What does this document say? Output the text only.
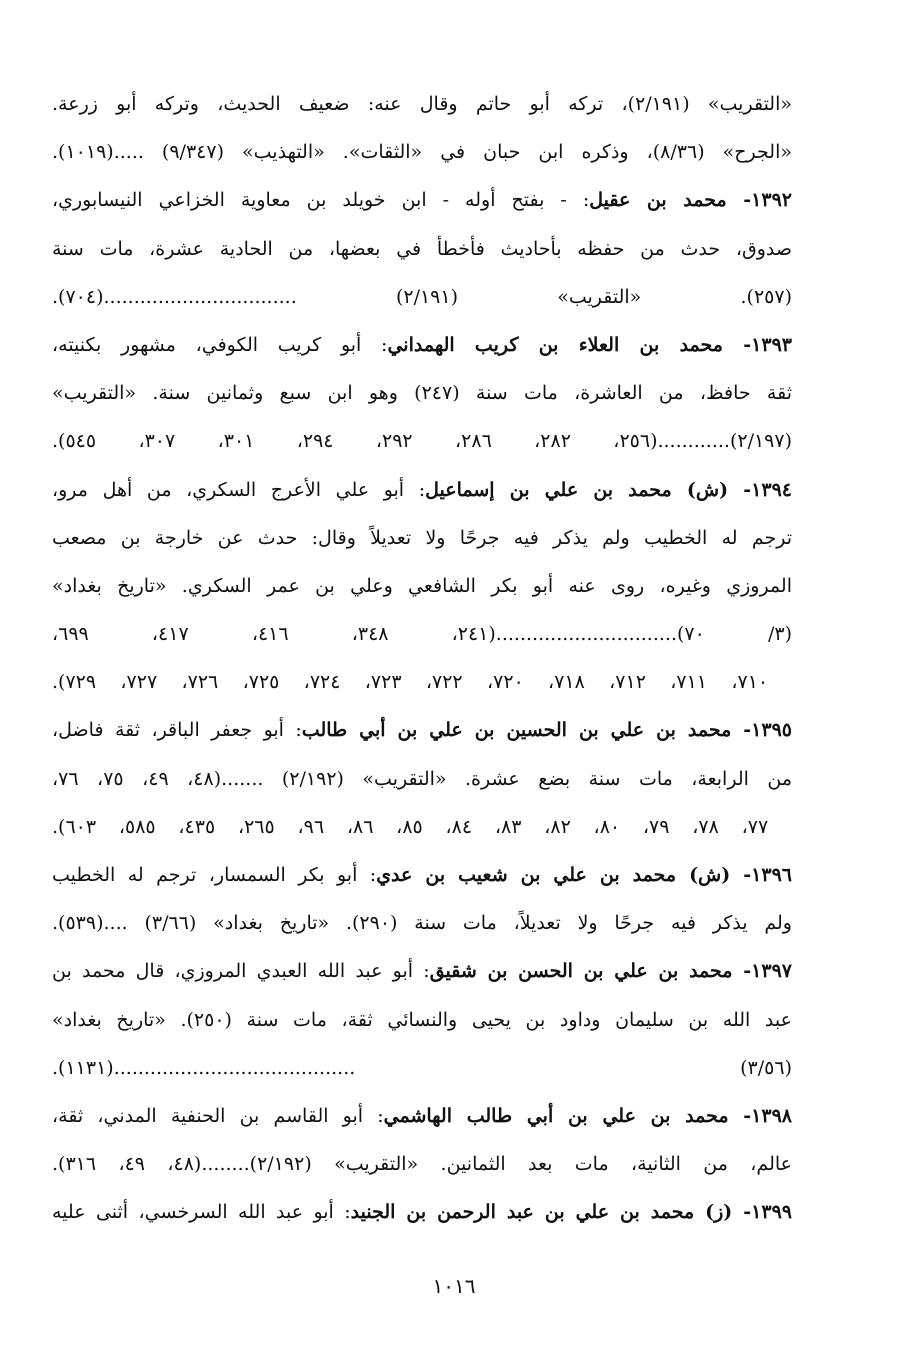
«التقريب» (٢/١٩١)، تركه أبو حاتم وقال عنه: ضعيف الحديث، وتركه أبو زرعة.
«الجرح» (٨/٣٦)، وذكره ابن حبان في «الثقات». «التهذيب» (٩/٣٤٧) .....(١٠١٩).
١٣٩٢- محمد بن عقيل: - بفتح أوله - ابن خويلد بن معاوية الخزاعي النيسابوري،
صدوق، حدث من حفظه بأحاديث فأخطأ في بعضها، من الحادية عشرة، مات سنة
(٢٥٧). «التقريب» (٢/١٩١) ................................(٧٠٤).
١٣٩٣- محمد بن العلاء بن كريب الهمداني: أبو كريب الكوفي، مشهور بكنيته،
ثقة حافظ، من العاشرة، مات سنة (٢٤٧) وهو ابن سبع وثمانين سنة. «التقريب»
(٢/١٩٧)............(٢٥٦، ٢٨٢، ٢٨٦، ٢٩٢، ٢٩٤، ٣٠١، ٣٠٧، ٥٤٥).
١٣٩٤- (ش) محمد بن علي بن إسماعيل: أبو علي الأعرج السكري، من أهل مرو،
ترجم له الخطيب ولم يذكر فيه جرحًا ولا تعديلاً وقال: حدث عن خارجة بن مصعب
المروزي وغيره، روى عنه أبو بكر الشافعي وعلي بن عمر السكري. «تاريخ بغداد»
(٣/ ٧٠)..............................(٢٤١، ٣٤٨، ٤١٦، ٤١٧، ٦٩٩،
٧١٠، ٧١١، ٧١٢، ٧١٨، ٧٢٠، ٧٢٢، ٧٢٣، ٧٢٤، ٧٢٥، ٧٢٦، ٧٢٧، ٧٢٩).
١٣٩٥- محمد بن علي بن الحسين بن علي بن أبي طالب: أبو جعفر الباقر، ثقة فاضل،
من الرابعة، مات سنة بضع عشرة. «التقريب» (٢/١٩٢) .......(٤٨، ٤٩، ٧٥، ٧٦،
٧٧، ٧٨، ٧٩، ٨٠، ٨٢، ٨٣، ٨٤، ٨٥، ٨٦، ٩٦، ٢٦٥، ٤٣٥، ٥٨٥، ٦٠٣).
١٣٩٦- (ش) محمد بن علي بن شعيب بن عدي: أبو بكر السمسار، ترجم له الخطيب
ولم يذكر فيه جرحًا ولا تعديلاً، مات سنة (٢٩٠). «تاريخ بغداد» (٣/٦٦) ....(٥٣٩).
١٣٩٧- محمد بن علي بن الحسن بن شقيق: أبو عبد الله العبدي المروزي، قال محمد بن
عبد الله بن سليمان وداود بن يحيى والنسائي ثقة، مات سنة (٢٥٠). «تاريخ بغداد»
(٣/٥٦) ........................................(١١٣١).
١٣٩٨- محمد بن علي بن أبي طالب الهاشمي: أبو القاسم بن الحنفية المدني، ثقة،
عالم، من الثانية، مات بعد الثمانين. «التقريب» (٢/١٩٢)........(٤٨، ٤٩، ٣١٦).
١٣٩٩- (ز) محمد بن علي بن عبد الرحمن بن الجنيد: أبو عبد الله السرخسي، أثنى عليه
١٠١٦
